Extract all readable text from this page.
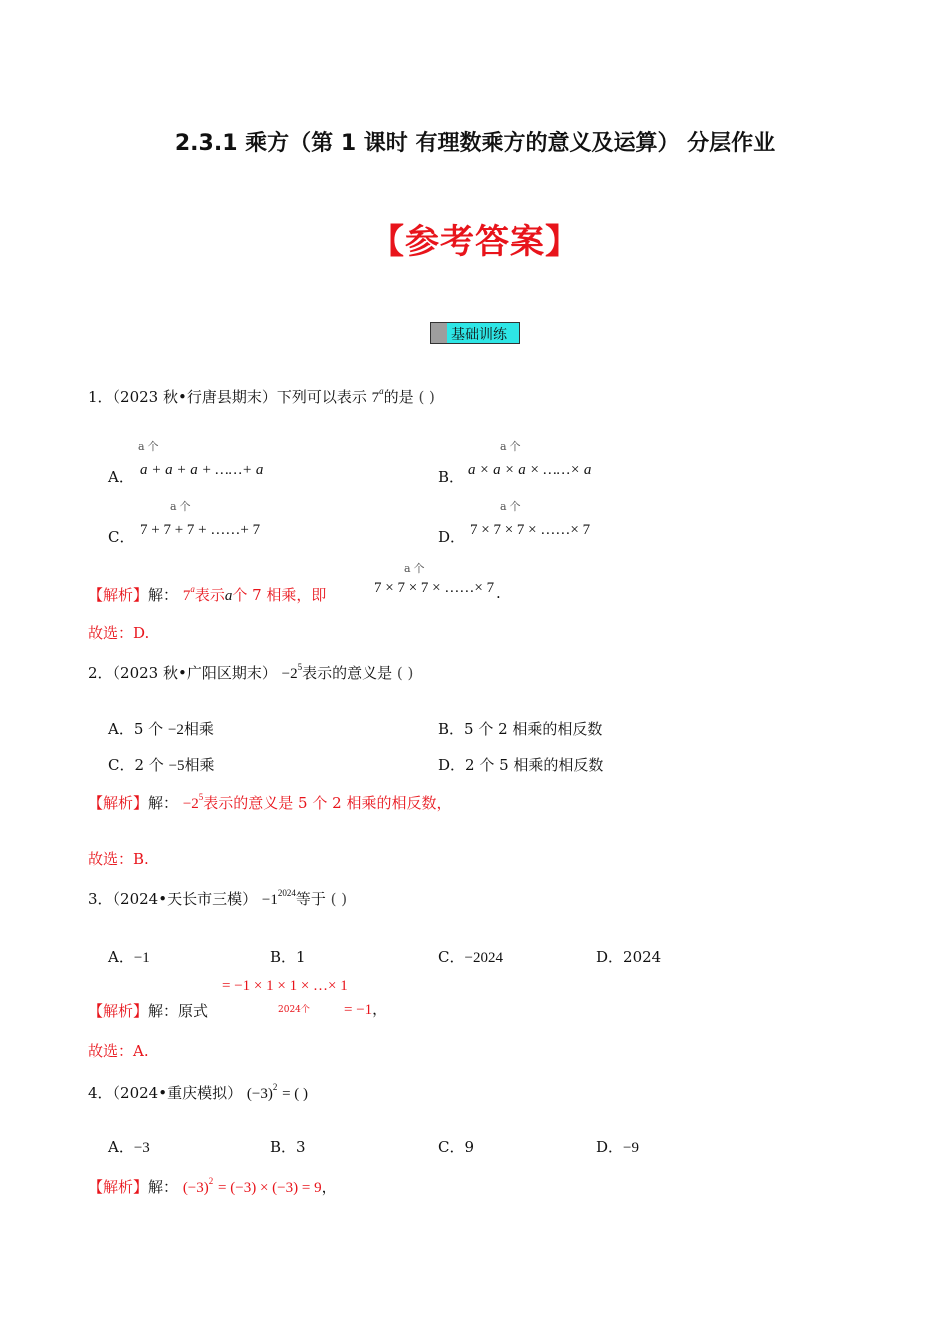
2.3.1 乘方（第 1 课时 有理数乘方的意义及运算） 分层作业
【参考答案】
基础训练
1．（2023 秋•行唐县期末）下列可以表示 7$^a$的是 ( )
a个
A． a + a + a + ……+ a	B．
a个
a × a × a × ……× a
C．
a个
7 + 7 + 7 + ……+ 7	D．
a个
7 × 7 × 7 × ……× 7
【解析】解： 7$^a$表示a个 7 相乘，即
a个
7 × 7 × 7 × ……× 7 .
故选：D.
2．（2023 秋•广阳区期末） $-2^5$表示的意义是 ( )
A．5 个 −2相乘	B．5 个 2 相乘的相反数
C．2 个 −5相乘	D．2 个 5 相乘的相反数
【解析】解： $-2^5$表示的意义是 5 个 2 相乘的相反数，
故选：B.
3．（2024•天长市三模） $-1^{2024}$等于 ( )
A．−1	B．1	C．−2024	D．2024
【解析】解：原式
= −1 × 1 × 1 × …× 1
2024个 = −1，
故选：A.
4．（2024•重庆模拟） $(-3)^2$ = ( )
A．−3	B．3	C．9	D．−9
【解析】解： $(-3)^2 = (-3) \times (-3) = 9$，
